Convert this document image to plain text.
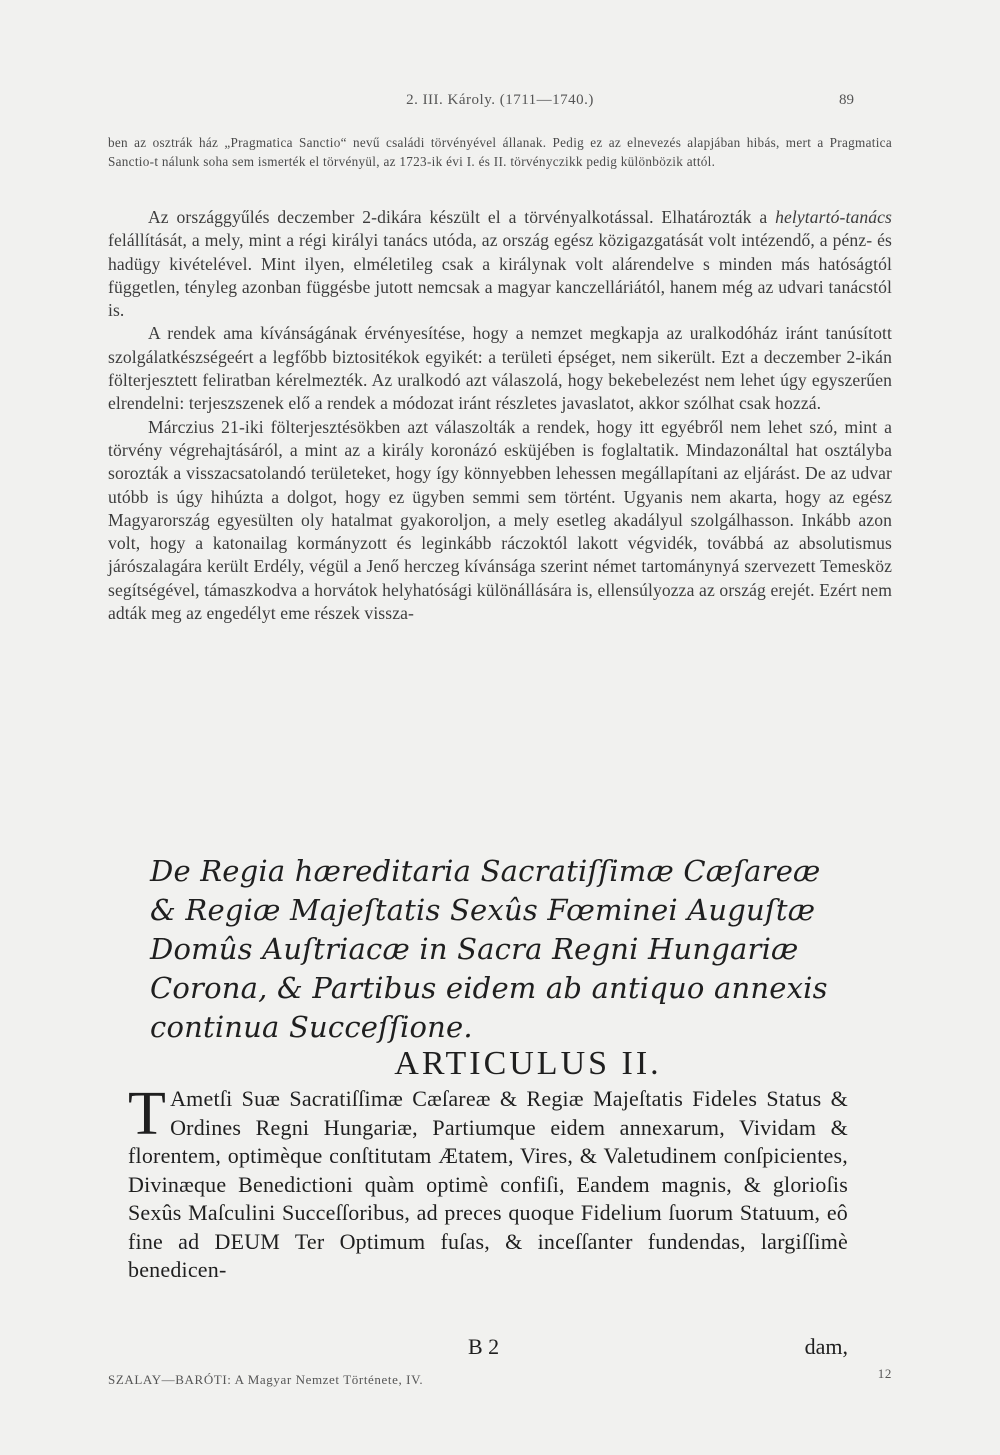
2. III. Károly. (1711—1740.)	89
ben az osztrák ház „Pragmatica Sanctio“ nevű családi törvényével állanak. Pedig ez az elnevezés alapjában hibás, mert a Pragmatica Sanctio-t nálunk soha sem ismerték el törvényül, az 1723-ik évi I. és II. törvényczikk pedig különbözik attól.

Az országgyűlés deczember 2-dikára készült el a törvényalkotással. Elhatározták a helytartó-tanács felállítását, a mely, mint a régi királyi tanács utóda, az ország egész közigazgatását volt intézendő, a pénz- és hadügy kivételével. Mint ilyen, elméletileg csak a királynak volt alárendelve s minden más hatóságtól független, tényleg azonban függésbe jutott nemcsak a magyar kanczelláriától, hanem még az udvari tanácstól is.

A rendek ama kívánságának érvényesítése, hogy a nemzet megkapja az uralkodóház iránt tanúsított szolgálatkészségeért a legfőbb biztositékok egyikét: a területi épséget, nem sikerült. Ezt a deczember 2-ikán fölterjesztett feliratban kérelmezték. Az uralkodó azt válaszolá, hogy bekebelezést nem lehet úgy egyszerűen elrendelni: terjeszszenek elő a rendek a módozat iránt részletes javaslatot, akkor szólhat csak hozzá.

Márczius 21-iki fölterjesztésökben azt válaszolták a rendek, hogy itt egyébről nem lehet szó, mint a törvény végrehajtásáról, a mint az a király koronázó esküjében is foglaltatik. Mindazonáltal hat osztályba sorozták a visszacsatolandó területeket, hogy így könnyebben lehessen megállapítani az eljárást. De az udvar utóbb is úgy hihúzta a dolgot, hogy ez ügyben semmi sem történt. Ugyanis nem akarta, hogy az egész Magyarország egyesülten oly hatalmat gyakoroljon, a mely esetleg akadályul szolgálhasson. Inkább azon volt, hogy a katonailag kormányzott és leginkább ráczoktól lakott végvidék, továbbá az absolutismus járószalagára került Erdély, végül a Jenő herczeg kívánsága szerint német tartománynyá szervezett Temesköz segítségével, támaszkodva a horvátok helyhatósági különállására is, ellensúlyozza az ország erejét. Ezért nem adták meg az engedélyt eme részek vissza-

De Regia hæreditaria Sacratiſſimæ Cæſareæ & Regiæ Majeſtatis Sexûs Fœminei Auguſtæ Domûs Auſtriacæ in Sacra Regni Hungariæ Corona, & Partibus eidem ab antiquo annexis continua Succeſſione.

ARTICULUS II.

T Ametſi Suæ Sacratiſſimæ Cæſareæ & Regiæ Majeſtatis Fideles Status & Ordines Regni Hungariæ, Partiumque eidem annexarum, Vividam & florentem, optimèque conſtitutam Ætatem, Vires, & Valetudinem conſpicientes, Divinæque Benedictioni quàm optimè confiſi, Eandem magnis, & glorioſis Sexûs Maſculini Succeſſoribus, ad preces quoque Fidelium ſuorum Statuum, eô fine ad DEUM Ter Optimum fuſas, & inceſſanter fundendas, largiſſimè benedicen-

B 2	dam,
SZALAY—BARÓTI: A Magyar Nemzet Története, IV.	12
